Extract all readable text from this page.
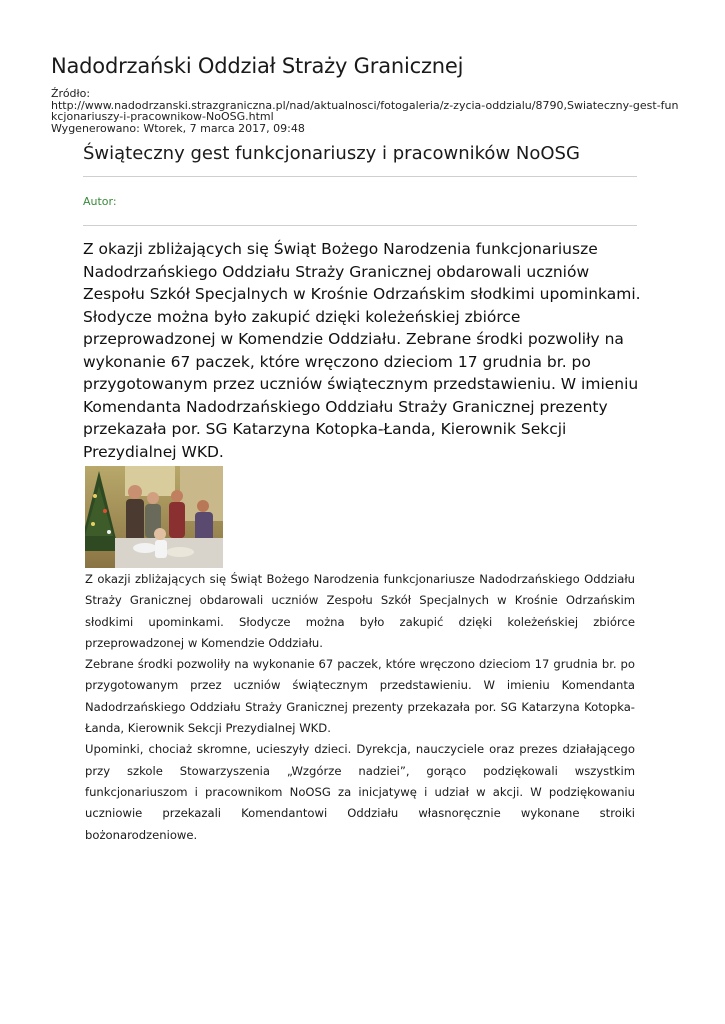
Nadodrzański Oddział Straży Granicznej
Źródło:
http://www.nadodrzanski.strazgraniczna.pl/nad/aktualnosci/fotogaleria/z-zycia-oddzialu/8790,Swiateczny-gest-funkcjonariuszy-i-pracownikow-NoOSG.html
Wygenerowano: Wtorek, 7 marca 2017, 09:48
Świąteczny gest funkcjonariuszy i pracowników NoOSG
Autor:

Z okazji zbliżających się Świąt Bożego Narodzenia funkcjonariusze Nadodrzańskiego Oddziału Straży Granicznej obdarowali uczniów Zespołu Szkół Specjalnych w Krośnie Odrzańskim słodkimi upominkami. Słodycze można było zakupić dzięki koleżeńskiej zbiórce przeprowadzonej w Komendzie Oddziału. Zebrane środki pozwoliły na wykonanie 67 paczek, które wręczono dzieciom 17 grudnia br. po przygotowanym przez uczniów świątecznym przedstawieniu. W imieniu Komendanta Nadodrzańskiego Oddziału Straży Granicznej prezenty przekazała por. SG Katarzyna Kotopka-Łanda, Kierownik Sekcji Prezydialnej WKD.

Z okazji zbliżających się Świąt Bożego Narodzenia funkcjonariusze Nadodrzańskiego Oddziału Straży Granicznej obdarowali uczniów Zespołu Szkół Specjalnych w Krośnie Odrzańskim słodkimi upominkami. Słodycze można było zakupić dzięki koleżeńskiej zbiórce przeprowadzonej w Komendzie Oddziału.

Zebrane środki pozwoliły na wykonanie 67 paczek, które wręczono dzieciom 17 grudnia br. po przygotowanym przez uczniów świątecznym przedstawieniu. W imieniu Komendanta Nadodrzańskiego Oddziału Straży Granicznej prezenty przekazała por. SG Katarzyna Kotopka-Łanda, Kierownik Sekcji Prezydialnej WKD.

Upominki, chociaż skromne, ucieszyły dzieci. Dyrekcja, nauczyciele oraz prezes działającego przy szkole Stowarzyszenia „Wzgórze nadziei”, gorąco podziękowali wszystkim funkcjonariuszom i pracownikom NoOSG za inicjatywę i udział w akcji. W podziękowaniu uczniowie przekazali Komendantowi Oddziału własnoręcznie wykonane stroiki bożonarodzeniowe.
